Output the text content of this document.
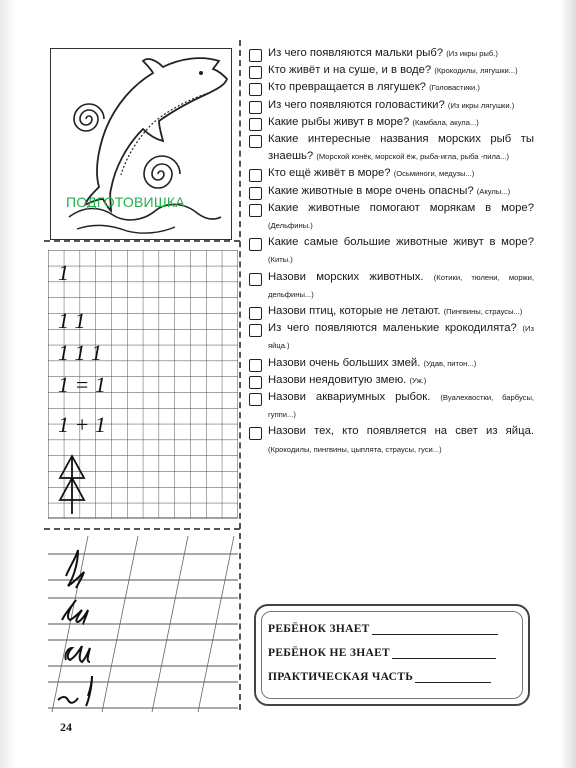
ПОДГОТОВИШКА
1
1 1
1 1 1
1 = 1
1 + 1
Из чего появляются мальки рыб? (Из икры рыб.)
Кто живёт и на суше, и в воде? (Крокодилы, лягушки...)
Кто превращается в лягушек? (Головастики.)
Из чего появляются головастики? (Из икры лягушки.)
Какие рыбы живут в море? (Камбала, акула...)
Какие интересные названия морских рыб ты знаешь? (Морской конёк, морской ёж, рыба-игла, рыба -пила...)
Кто ещё живёт в море? (Осьминоги, медузы...)
Какие животные в море очень опасны? (Акулы...)
Какие животные помогают морякам в море? (Дельфины.)
Какие самые большие животные живут в море? (Киты.)
Назови морских животных. (Котики, тюлени, моржи, дельфины...)
Назови птиц, которые не летают. (Пингвины, страусы...)
Из чего появляются маленькие крокодилята? (Из яйца.)
Назови очень больших змей. (Удав, питон...)
Назови неядовитую змею. (Уж.)
Назови аквариумных рыбок. (Вуалехвостки, барбусы, гуппи...)
Назови тех, кто появляется на свет из яйца. (Крокодилы, пингвины, цыплята, страусы, гуси...)
РЕБЁНОК ЗНАЕТ
РЕБЁНОК НЕ ЗНАЕТ
ПРАКТИЧЕСКАЯ ЧАСТЬ
24
